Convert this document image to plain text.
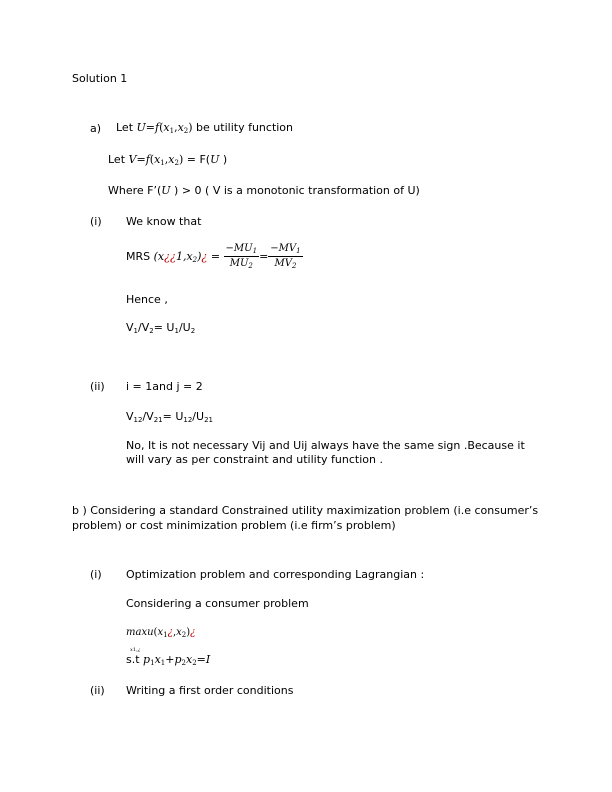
Solution 1
a) Let $U=f(x_1,x_2)$ be utility function
Let $V=f(x_1,x_2) = F(U$ )
Where F’(U ) > 0 ( V is a monotonic transformation of U)
(i) We know that
MRS $(x¿¿1,x_2)¿ = \frac{-MU_1}{MU_2} = \frac{-MV_1}{MV_2}$
Hence ,
$V_1/V_2= U_1/U_2$
(ii) i = 1and j = 2
$V_{12}/V_{21}= U_{12}/U_{21}$
No, It is not necessary Vij and Uij always have the same sign .Because it will vary as per constraint and utility function .
b ) Considering a standard Constrained utility maximization problem (i.e consumer’s problem) or cost minimization problem (i.e firm’s problem)
(i) Optimization problem and corresponding Lagrangian :
Considering a consumer problem
$\max u(x_1¿,x_2)¿$
x1,¿
s.t $p_1x_1+p_2x_2=I$
(ii) Writing a first order conditions
